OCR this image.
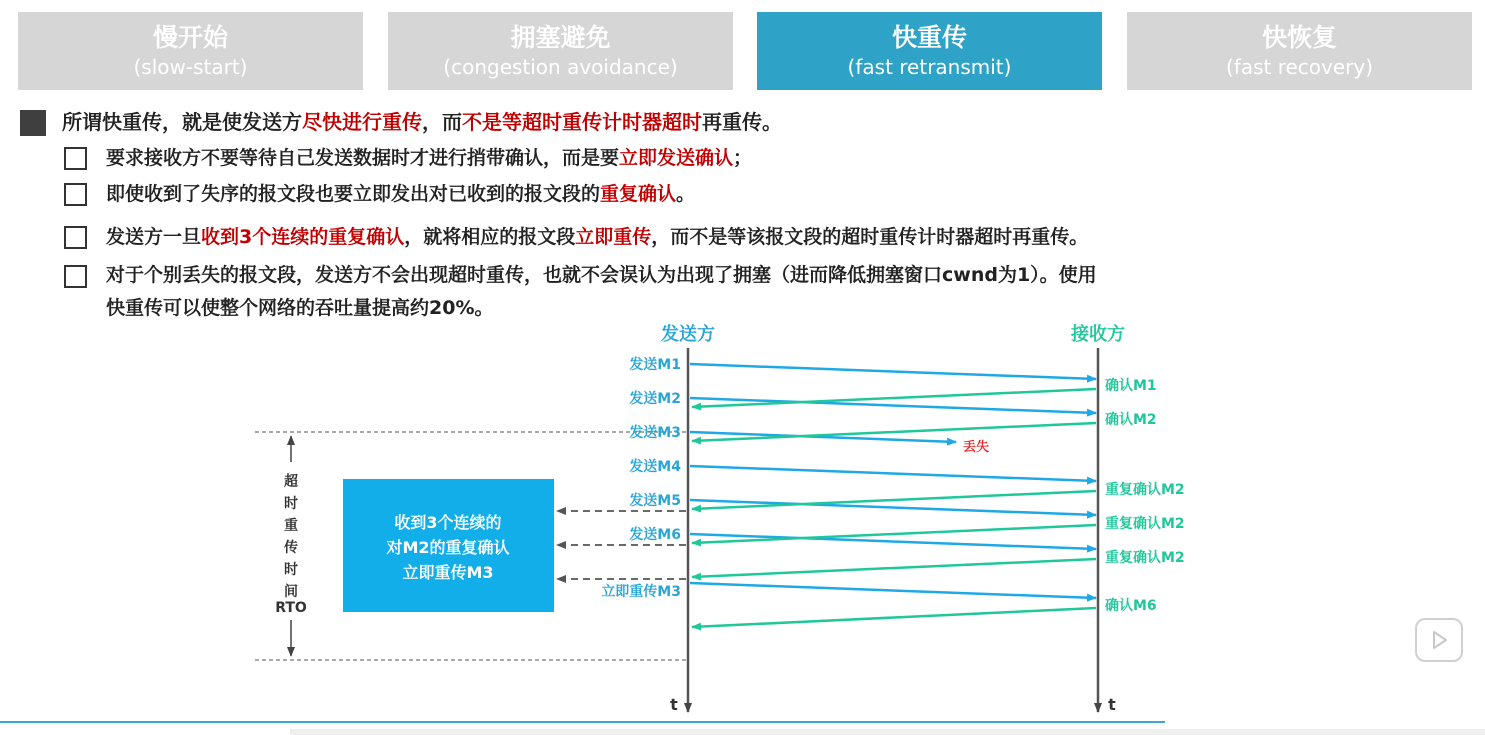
慢开始
(slow-start)
拥塞避免
(congestion avoidance)
快重传
(fast retransmit)
快恢复
(fast recovery)
所谓快重传，就是使发送方尽快进行重传，而不是等超时重传计时器超时再重传。
要求接收方不要等待自己发送数据时才进行捎带确认，而是要立即发送确认；
即使收到了失序的报文段也要立即发出对已收到的报文段的重复确认。
发送方一旦收到3个连续的重复确认，就将相应的报文段立即重传，而不是等该报文段的超时重传计时器超时再重传。
对于个别丢失的报文段，发送方不会出现超时重传，也就不会误认为出现了拥塞（进而降低拥塞窗口cwnd为1）。使用
快重传可以使整个网络的吞吐量提高约20%。
发送方	接收方
t	t
超
时
重
传
时
间
RTO
收到3个连续的
对M2的重复确认
立即重传M3
发送M1
发送M2
发送M3
发送M4
发送M5
发送M6
立即重传M3
确认M1
确认M2
重复确认M2
重复确认M2
重复确认M2
确认M6
丢失
